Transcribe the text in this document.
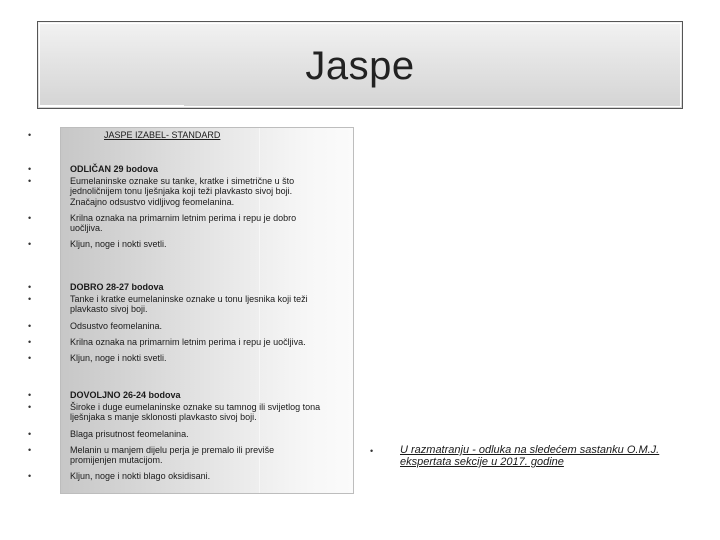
Jaspe
•	JASPE IZABEL- STANDARD
•	ODLIČAN 29 bodova
•	Eumelaninske oznake su tanke, kratke i simetrične u što
jednoličnijem tonu lješnjaka koji teži plavkasto sivoj boji.
Značajno odsustvo vidljivog feomelanina.
•	Krilna oznaka na primarnim letnim perima i repu je dobro
uočljiva.
•	Kljun, noge i nokti svetli.
•	DOBRO 28-27 bodova
•	Tanke i kratke eumelaninske oznake u tonu ljesnika koji teži
plavkasto sivoj boji.
•	Odsustvo feomelanina.
•	Krilna oznaka na primarnim letnim perima i repu je uočljiva.
•	Kljun, noge i nokti svetli.
•	DOVOLJNO 26-24 bodova
•	Široke i duge eumelaninske oznake su tamnog ili svijetlog tona
lješnjaka s manje sklonosti plavkasto sivoj boji.
•	Blaga prisutnost feomelanina.
•	Melanin u manjem dijelu perja je premalo ili previše
promijenjen mutacijom.
•	Kljun, noge i nokti blago oksidisani.
• U razmatranju - odluka na sledećem sastanku O.M.J.
ekspertata sekcije u 2017. godine
